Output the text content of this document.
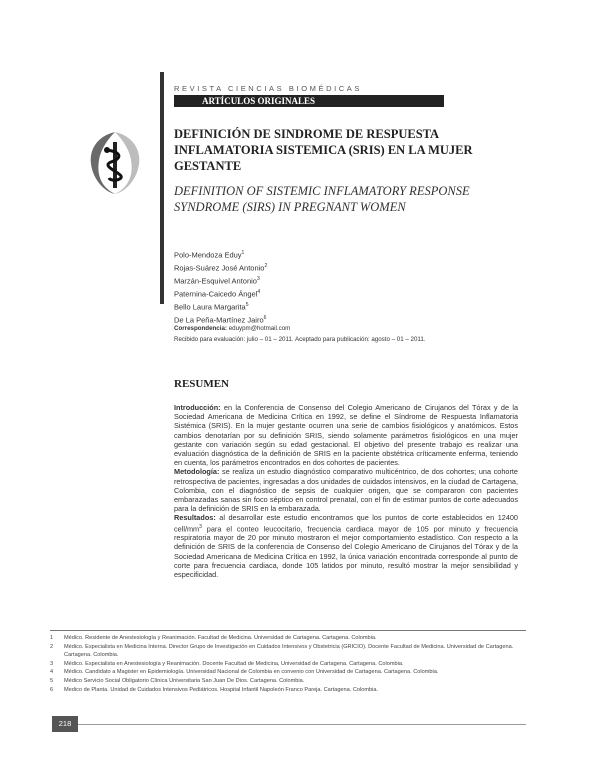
REVISTA CIENCIAS BIOMÉDICAS
ARTÍCULOS ORIGINALES
DEFINICIÓN DE SINDROME DE RESPUESTA INFLAMATORIA SISTEMICA (SRIS) EN LA MUJER GESTANTE
DEFINITION OF SISTEMIC INFLAMATORY RESPONSE SYNDROME (SIRS) IN PREGNANT WOMEN
Polo-Mendoza Eduy$^1$
Rojas-Suárez José Antonio$^2$
Marzán-Esquivel Antonio$^3$
Paternina-Caicedo Ángel$^4$
Bello Laura Margarita$^5$
De La Peña-Martínez Jairo$^6$
Correspondencia: eduypm@hotmail.com
Recibido para evaluación: julio – 01 – 2011. Aceptado para publicación: agosto – 01 – 2011.
RESUMEN

Introducción: en la Conferencia de Consenso del Colegio Americano de Cirujanos del Tórax y de la Sociedad Americana de Medicina Crítica en 1992, se define el Síndrome de Respuesta Inflamatoria Sistémica (SRIS). En la mujer gestante ocurren una serie de cambios fisiológicos y anatómicos. Estos cambios denotarían por su definición SRIS, siendo solamente parámetros fisiológicos en una mujer gestante con variación según su edad gestacional. El objetivo del presente trabajo es realizar una evaluación diagnóstica de la definición de SRIS en la paciente obstétrica críticamente enferma, teniendo en cuenta, los parámetros encontrados en dos cohortes de pacientes.

Metodología: se realiza un estudio diagnóstico comparativo multicéntrico, de dos cohortes; una cohorte retrospectiva de pacientes, ingresadas a dos unidades de cuidados intensivos, en la ciudad de Cartagena, Colombia, con el diagnóstico de sepsis de cualquier origen, que se compararon con pacientes embarazadas sanas sin foco séptico en control prenatal, con el fin de estimar puntos de corte adecuados para la definición de SRIS en la embarazada.

Resultados: al desarrollar este estudio encontramos que los puntos de corte establecidos en 12400 cell/$mm^3$ para el conteo leucocitario, frecuencia cardiaca mayor de 105 por minuto y frecuencia respiratoria mayor de 20 por minuto mostraron el mejor comportamiento estadístico. Con respecto a la definición de SRIS de la conferencia de Consenso del Colegio Americano de Cirujanos del Tórax y de la Sociedad Americana de Medicina Crítica en 1992, la única variación encontrada corresponde al punto de corte para frecuencia cardiaca, donde 105 latidos por minuto, resultó mostrar la mejor sensibilidad y especificidad.

1	Médico. Residente de Anestesiología y Reanimación. Facultad de Medicina. Universidad de Cartagena. Cartagena. Colombia.
2	Médico. Especialista en Medicina Interna. Director Grupo de Investigación en Cuidados Intensivos y Obstetricia (GRICIO). Docente Facultad de Medicina. Universidad de Cartagena. Cartagena. Colombia.
3	Médico. Especialista en Anestesiología y Reanimación. Docente Facultad de Medicina, Universidad de Cartagena. Cartagena. Colombia.
4	Médico. Candidato a Magister en Epidemiología. Universidad Nacional de Colombia en convenio con Universidad de Cartagena. Cartagena. Colombia.
5	Médico Servicio Social Obligatorio Clínica Universitaria San Juan De Dios. Cartagena. Colombia.
6	Medico de Planta. Unidad de Cuidados Intensivos Pediátricos. Hospital Infantil Napoleón Franco Pareja. Cartagena. Colombia.
218
